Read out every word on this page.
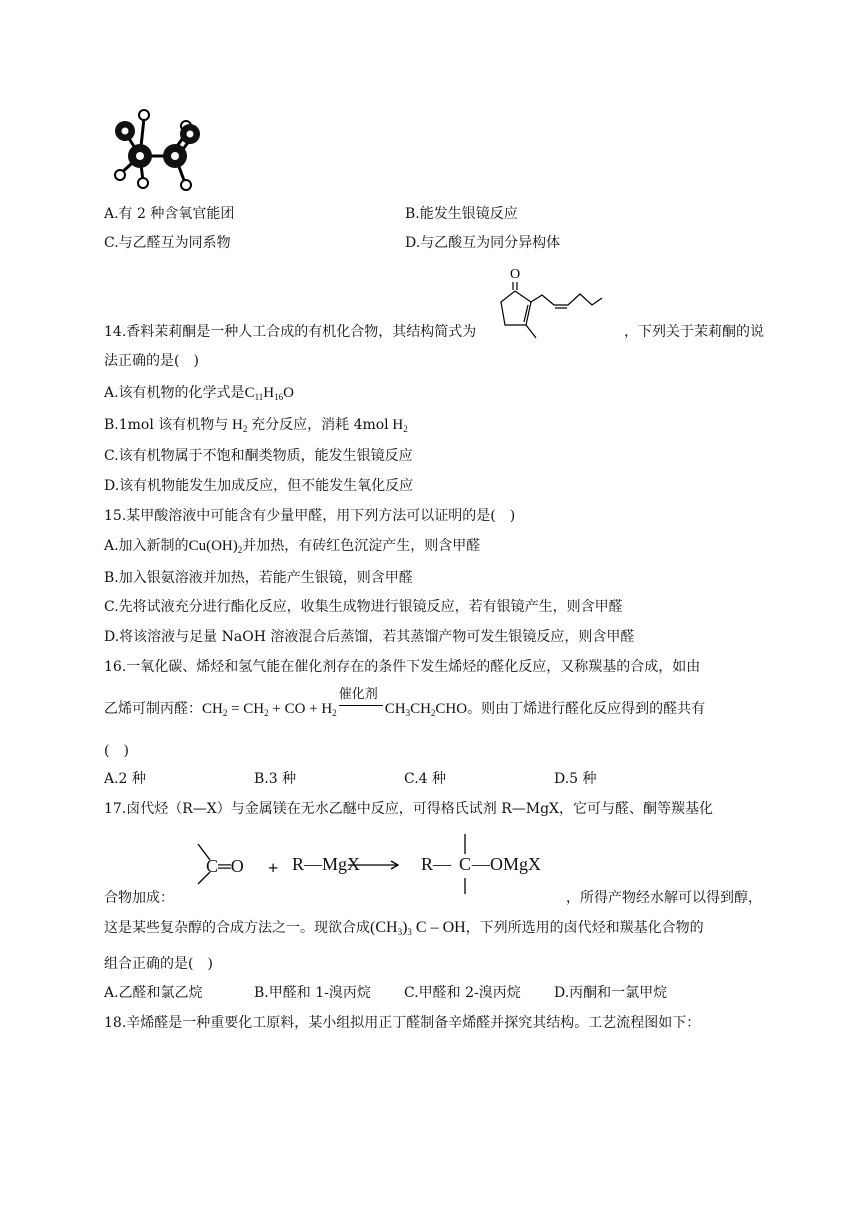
A.有 2 种含氧官能团	B.能发生银镜反应
C.与乙醛互为同系物	D.与乙酸互为同分异构体
O
14.香料茉莉酮是一种人工合成的有机化合物，其结构简式为	，下列关于茉莉酮的说
法正确的是(　)
A.该有机物的化学式是$C_{11}H_{16}O$
B.1mol 该有机物与 $H_2$ 充分反应，消耗 4mol $H_2$
C.该有机物属于不饱和酮类物质，能发生银镜反应
D.该有机物能发生加成反应，但不能发生氧化反应
15.某甲酸溶液中可能含有少量甲醛，用下列方法可以证明的是(　)
A.加入新制的$Cu(OH)_2$并加热，有砖红色沉淀产生，则含甲醛
B.加入银氨溶液并加热，若能产生银镜，则含甲醛
C.先将试液充分进行酯化反应，收集生成物进行银镜反应，若有银镜产生，则含甲醛
D.将该溶液与足量 NaOH 溶液混合后蒸馏，若其蒸馏产物可发生银镜反应，则含甲醛
16.一氧化碳、烯烃和氢气能在催化剂存在的条件下发生烯烃的醛化反应，又称羰基的合成，如由
乙烯可制丙醛：$CH_2 = CH_2$ + CO + $H_2$
催化剂
$CH_3CH_2CHO$。则由丁烯进行醛化反应得到的醛共有
(　)
A.2 种	B.3 种	C.4 种	D.5 种
17.卤代烃（R—X）与金属镁在无水乙醚中反应，可得格氏试剂 R—MgX，它可与醛、酮等羰基化
C═O + R—MgX	R— C —OMgX
合物加成：	，所得产物经水解可以得到醇，
这是某些复杂醇的合成方法之一。现欲合成$(CH_3)_3$ C – OH，下列所选用的卤代烃和羰基化合物的
组合正确的是(　)
A.乙醛和氯乙烷	B.甲醛和 1-溴丙烷 C.甲醛和 2-溴丙烷 D.丙酮和一氯甲烷
18.辛烯醛是一种重要化工原料，某小组拟用正丁醛制备辛烯醛并探究其结构。工艺流程图如下：
